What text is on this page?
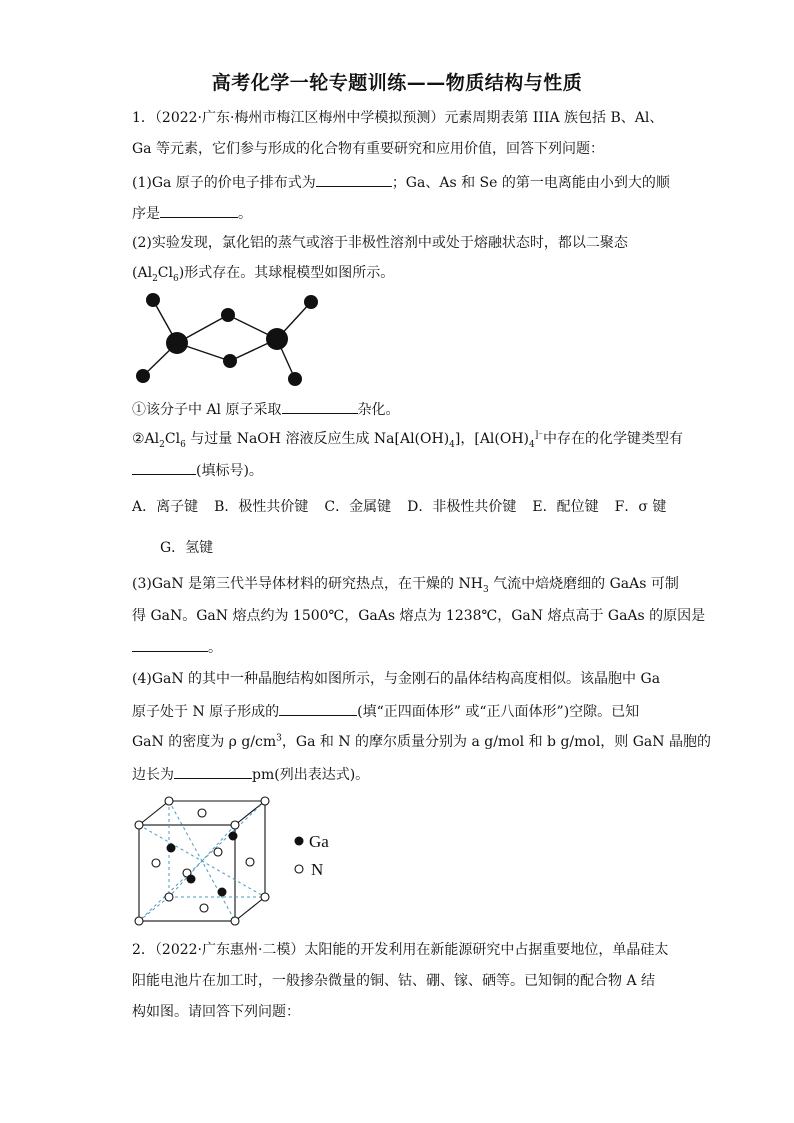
高考化学一轮专题训练——物质结构与性质
1．（2022·广东·梅州市梅江区梅州中学模拟预测）元素周期表第 IIIA 族包括 B、Al、
Ga 等元素，它们参与形成的化合物有重要研究和应用价值，回答下列问题：
(1)Ga 原子的价电子排布式为	；Ga、As 和 Se 的第一电离能由小到大的顺
序是	。
(2)实验发现，氯化铝的蒸气或溶于非极性溶剂中或处于熔融状态时，都以二聚态
$(Al_2Cl_6)$形式存在。其球棍模型如图所示。
①该分子中 Al 原子采取	杂化。
$②Al_2Cl_6$ 与过量 NaOH 溶液反应生成 $Na[Al(OH)_4]$，[$Al(OH)_4^{]^-}$中存在的化学键类型有
(填标号)。
A．离子键 B．极性共价键 C．金属键 D．非极性共价键 E．配位键 F．σ 键
G．氢键
(3)GaN 是第三代半导体材料的研究热点，在干燥的 $NH_3$ 气流中焙烧磨细的 GaAs 可制
得 GaN。GaN 熔点约为 1500℃，GaAs 熔点为 1238℃，GaN 熔点高于 GaAs 的原因是
。
(4)GaN 的其中一种晶胞结构如图所示，与金刚石的晶体结构高度相似。该晶胞中 Ga
原子处于 N 原子形成的	(填“正四面体形” 或“正八面体形”)空隙。已知
GaN 的密度为 ρ $g/cm^3$，Ga 和 N 的摩尔质量分别为 a g/mol 和 b g/mol，则 GaN 晶胞的
边长为	pm(列出表达式)。
Ga
N
2．（2022·广东惠州·二模）太阳能的开发利用在新能源研究中占据重要地位，单晶硅太
阳能电池片在加工时，一般掺杂微量的铜、钴、硼、镓、硒等。已知铜的配合物 A 结
构如图。请回答下列问题：
